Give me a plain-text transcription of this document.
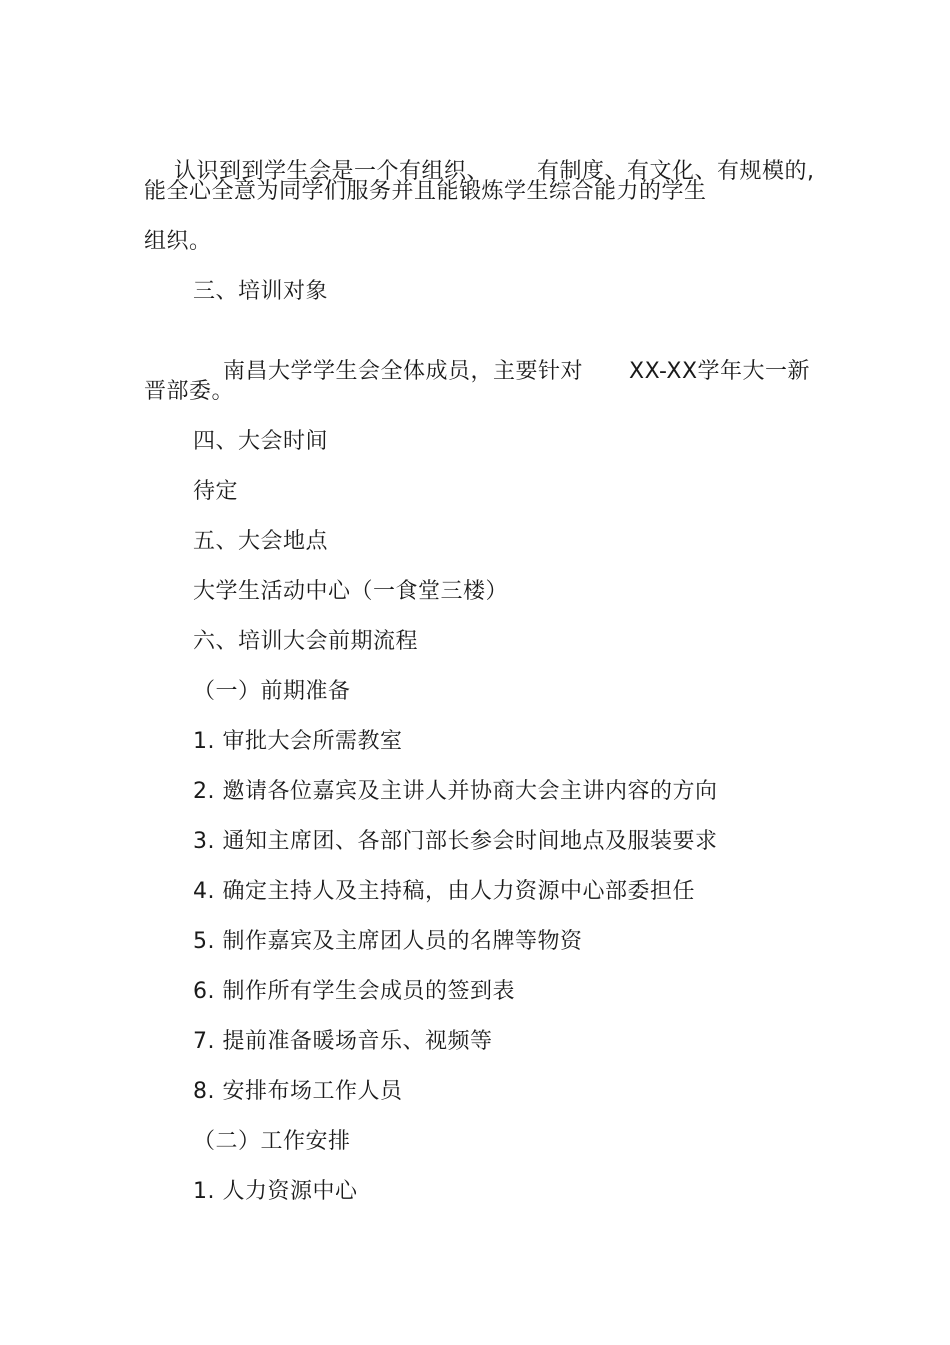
认识到到学生会是一个有组织、 有制度、有文化、有规模的,

能全心全意为同学们服务并且能锻炼学生综合能力的学生
组织。
三、培训对象

南昌大学学生会全体成员，主要针对 XX-XX学年大一新

晋部委。
四、大会时间
待定
五、大会地点
大学生活动中心（一食堂三楼）
六、培训大会前期流程
（一）前期准备
1. 审批大会所需教室
2. 邀请各位嘉宾及主讲人并协商大会主讲内容的方向
3. 通知主席团、各部门部长参会时间地点及服装要求
4. 确定主持人及主持稿，由人力资源中心部委担任
5. 制作嘉宾及主席团人员的名牌等物资
6. 制作所有学生会成员的签到表
7. 提前准备暖场音乐、视频等
8. 安排布场工作人员
（二）工作安排
1. 人力资源中心
